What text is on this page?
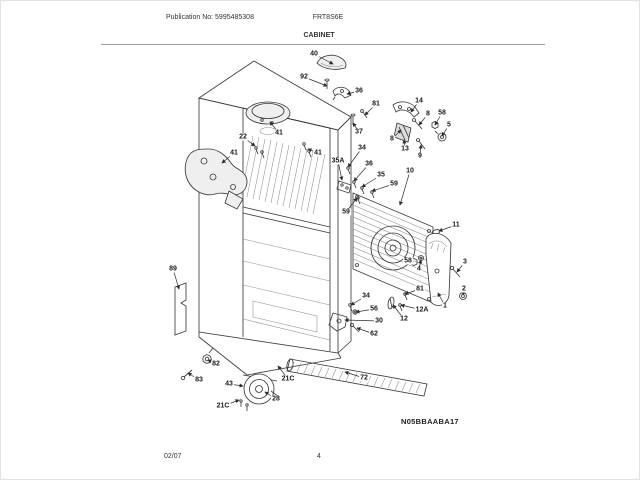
Publication No: 5995485308	FRT8S6E
CABINET
40
92
36
81	14
8 58
5
37
8
13
9
34
22
41
41	41
35A	36
35
59
10
59
11
58
4
3
2
81
1
12A
12
34
56
30
62
89
82
83
43
21C
28
72
21C
N05BBAABA17
02/07	4
